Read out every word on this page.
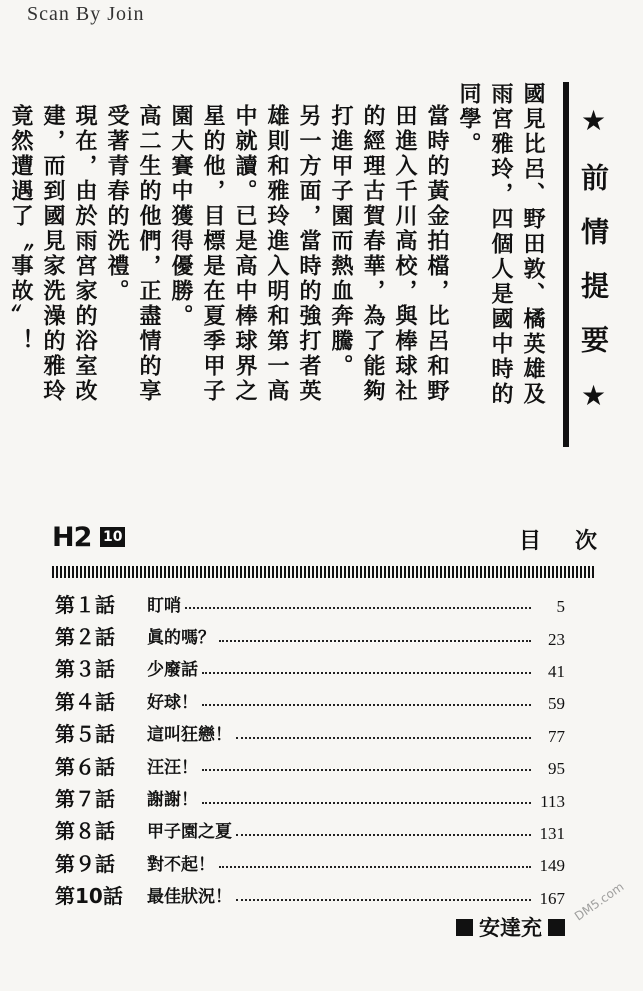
Scan By Join

國見比呂、野田敦、橘英雄及雨宮雅玲，四個人是國中時的同學。

當時的黃金拍檔，比呂和野田進入千川高校，與棒球社的經理古賀春華，為了能夠打進甲子園而熱血奔騰。

另一方面，當時的強打者英雄則和雅玲進入明和第一高中就讀。已是高中棒球界之星的他，目標是在夏季甲子園大賽中獲得優勝。

高二生的他們，正盡情的享受著青春的洗禮。

現在，由於雨宮家的浴室改建，而到國見家洗澡的雅玲竟然遭遇了〝事故〞！	★前情提要★
H2 10	目次
第１話	盯哨	5
第２話	眞的嗎？	23
第３話	少廢話	41
第４話	好球！	59
第５話	這叫狂戀！	77
第６話	汪汪！	95
第７話	謝謝！	113
第８話	甲子園之夏	131
第９話	對不起！	149
第10話	最佳狀況！	167
安達充
DM5.com
